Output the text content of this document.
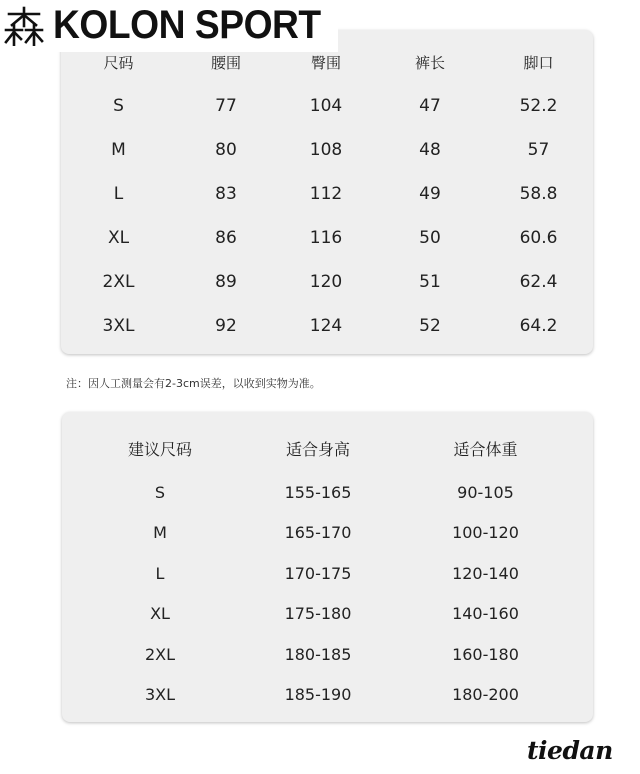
KOLON SPORT
尺码	腰围	臀围	裤长	脚口
S	77	104	47	52.2
M	80	108	48	57
L	83	112	49	58.8
XL	86	116	50	60.6
2XL	89	120	51	62.4
3XL	92	124	52	64.2
注：因人工测量会有2-3cm误差，以收到实物为准。
建议尺码	适合身高	适合体重
S	155-165	90-105
M	165-170	100-120
L	170-175	120-140
XL	175-180	140-160
2XL	180-185	160-180
3XL	185-190	180-200
tiedan
